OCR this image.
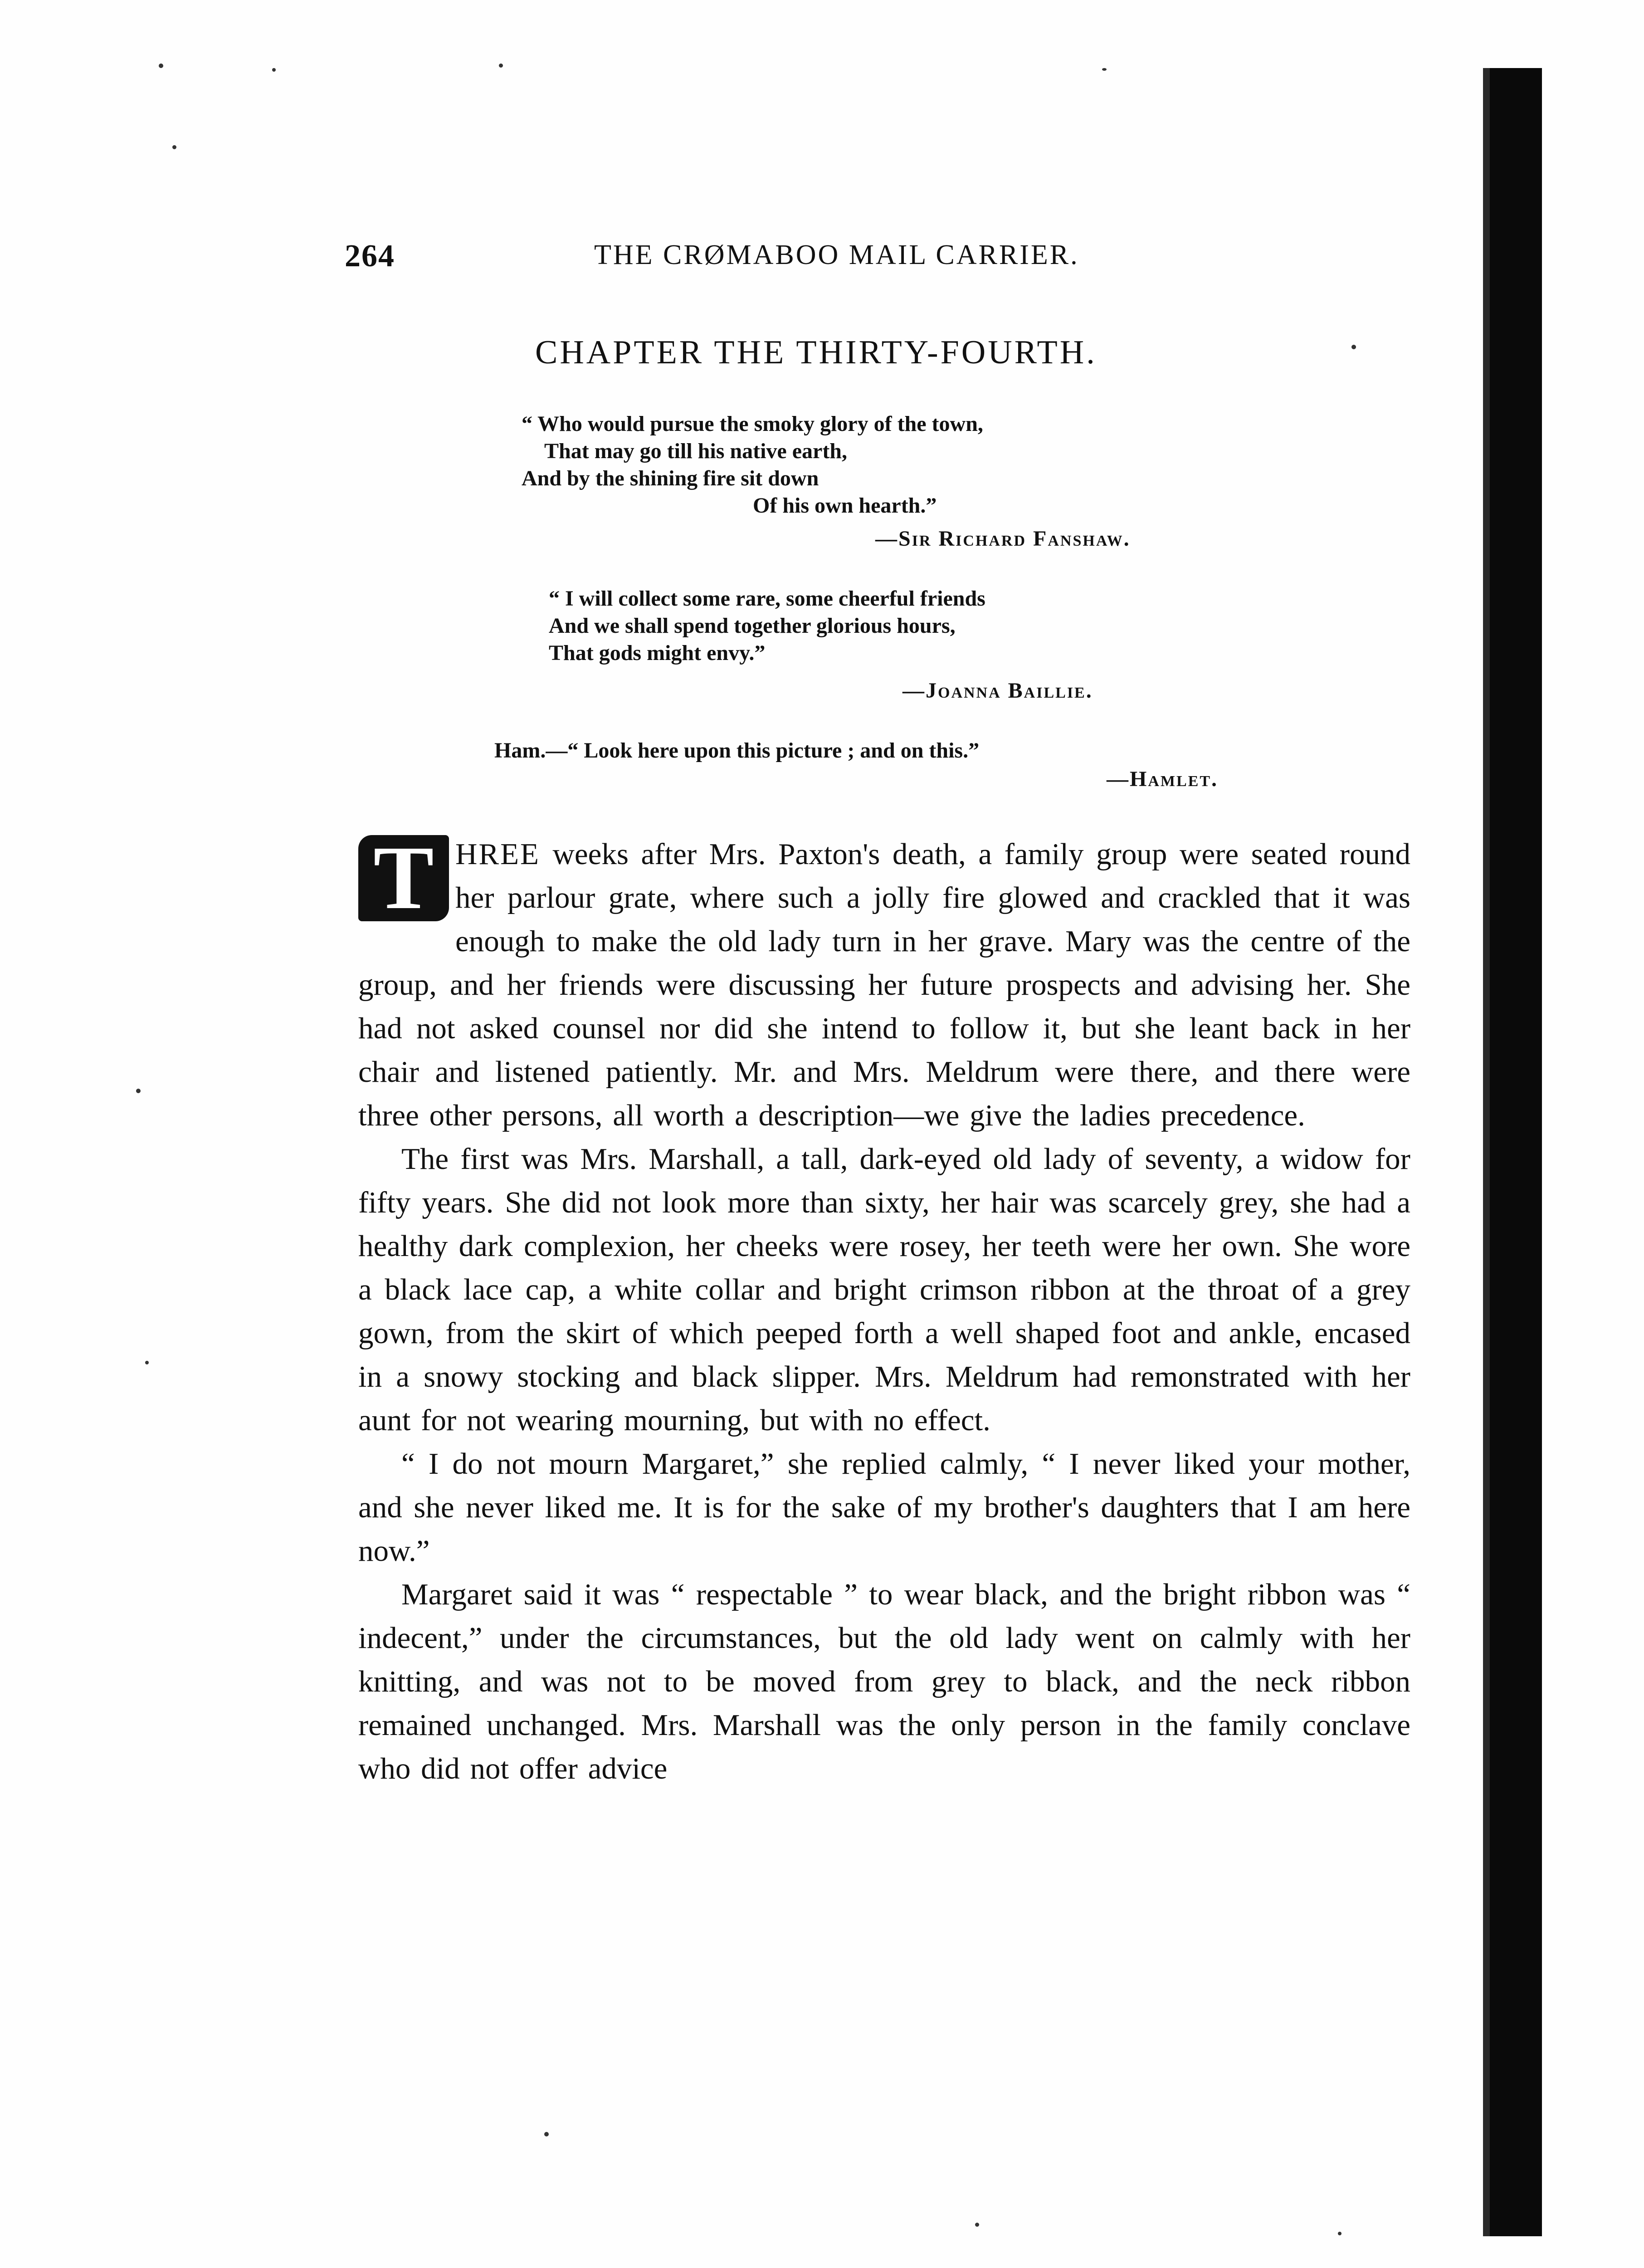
264	THE CRØMABOO MAIL CARRIER.
CHAPTER THE THIRTY-FOURTH.
“ Who would pursue the smoky glory of the town,
That may go till his native earth,
And by the shining fire sit down
Of his own hearth.”
—Sir Richard Fanshaw.
“ I will collect some rare, some cheerful friends
And we shall spend together glorious hours,
That gods might envy.”
—Joanna Baillie.
Ham.—“ Look here upon this picture ; and on this.”
—Hamlet.

T HREE weeks after Mrs. Paxton's death, a family group were seated round her parlour grate, where such a jolly fire glowed and crackled that it was enough to make the old lady turn in her grave. Mary was the centre of the group, and her friends were discussing her future prospects and advising her. She had not asked counsel nor did she intend to follow it, but she leant back in her chair and listened patiently. Mr. and Mrs. Meldrum were there, and there were three other persons, all worth a description—we give the ladies precedence.

The first was Mrs. Marshall, a tall, dark-eyed old lady of seventy, a widow for fifty years. She did not look more than sixty, her hair was scarcely grey, she had a healthy dark complexion, her cheeks were rosey, her teeth were her own. She wore a black lace cap, a white collar and bright crimson ribbon at the throat of a grey gown, from the skirt of which peeped forth a well shaped foot and ankle, encased in a snowy stocking and black slipper. Mrs. Meldrum had remonstrated with her aunt for not wearing mourning, but with no effect.

“ I do not mourn Margaret,” she replied calmly, “ I never liked your mother, and she never liked me. It is for the sake of my brother's daughters that I am here now.”

Margaret said it was “ respectable ” to wear black, and the bright ribbon was “ indecent,” under the circumstances, but the old lady went on calmly with her knitting, and was not to be moved from grey to black, and the neck ribbon remained unchanged. Mrs. Marshall was the only person in the family conclave who did not offer advice
